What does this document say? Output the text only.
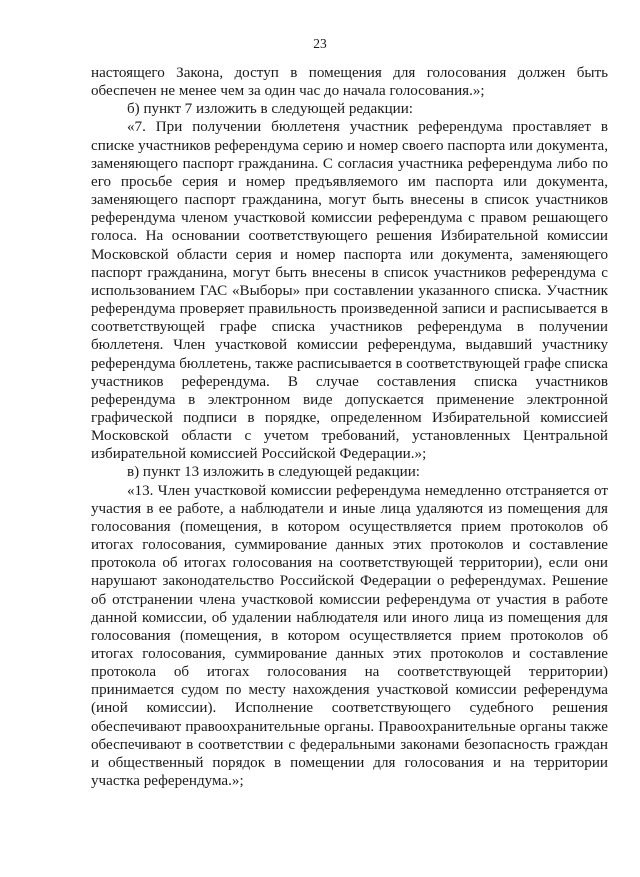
23

настоящего Закона, доступ в помещения для голосования должен быть обеспечен не менее чем за один час до начала голосования.»;

б) пункт 7 изложить в следующей редакции:

«7. При получении бюллетеня участник референдума проставляет в списке участников референдума серию и номер своего паспорта или документа, заменяющего паспорт гражданина. С согласия участника референдума либо по его просьбе серия и номер предъявляемого им паспорта или документа, заменяющего паспорт гражданина, могут быть внесены в список участников референдума членом участковой комиссии референдума с правом решающего голоса. На основании соответствующего решения Избирательной комиссии Московской области серия и номер паспорта или документа, заменяющего паспорт гражданина, могут быть внесены в список участников референдума с использованием ГАС «Выборы» при составлении указанного списка. Участник референдума проверяет правильность произведенной записи и расписывается в соответствующей графе списка участников референдума в получении бюллетеня. Член участковой комиссии референдума, выдавший участнику референдума бюллетень, также расписывается в соответствующей графе списка участников референдума. В случае составления списка участников референдума в электронном виде допускается применение электронной графической подписи в порядке, определенном Избирательной комиссией Московской области с учетом требований, установленных Центральной избирательной комиссией Российской Федерации.»;

в) пункт 13 изложить в следующей редакции:

«13. Член участковой комиссии референдума немедленно отстраняется от участия в ее работе, а наблюдатели и иные лица удаляются из помещения для голосования (помещения, в котором осуществляется прием протоколов об итогах голосования, суммирование данных этих протоколов и составление протокола об итогах голосования на соответствующей территории), если они нарушают законодательство Российской Федерации о референдумах. Решение об отстранении члена участковой комиссии референдума от участия в работе данной комиссии, об удалении наблюдателя или иного лица из помещения для голосования (помещения, в котором осуществляется прием протоколов об итогах голосования, суммирование данных этих протоколов и составление протокола об итогах голосования на соответствующей территории) принимается судом по месту нахождения участковой комиссии референдума (иной комиссии). Исполнение соответствующего судебного решения обеспечивают правоохранительные органы. Правоохранительные органы также обеспечивают в соответствии с федеральными законами безопасность граждан и общественный порядок в помещении для голосования и на территории участка референдума.»;
